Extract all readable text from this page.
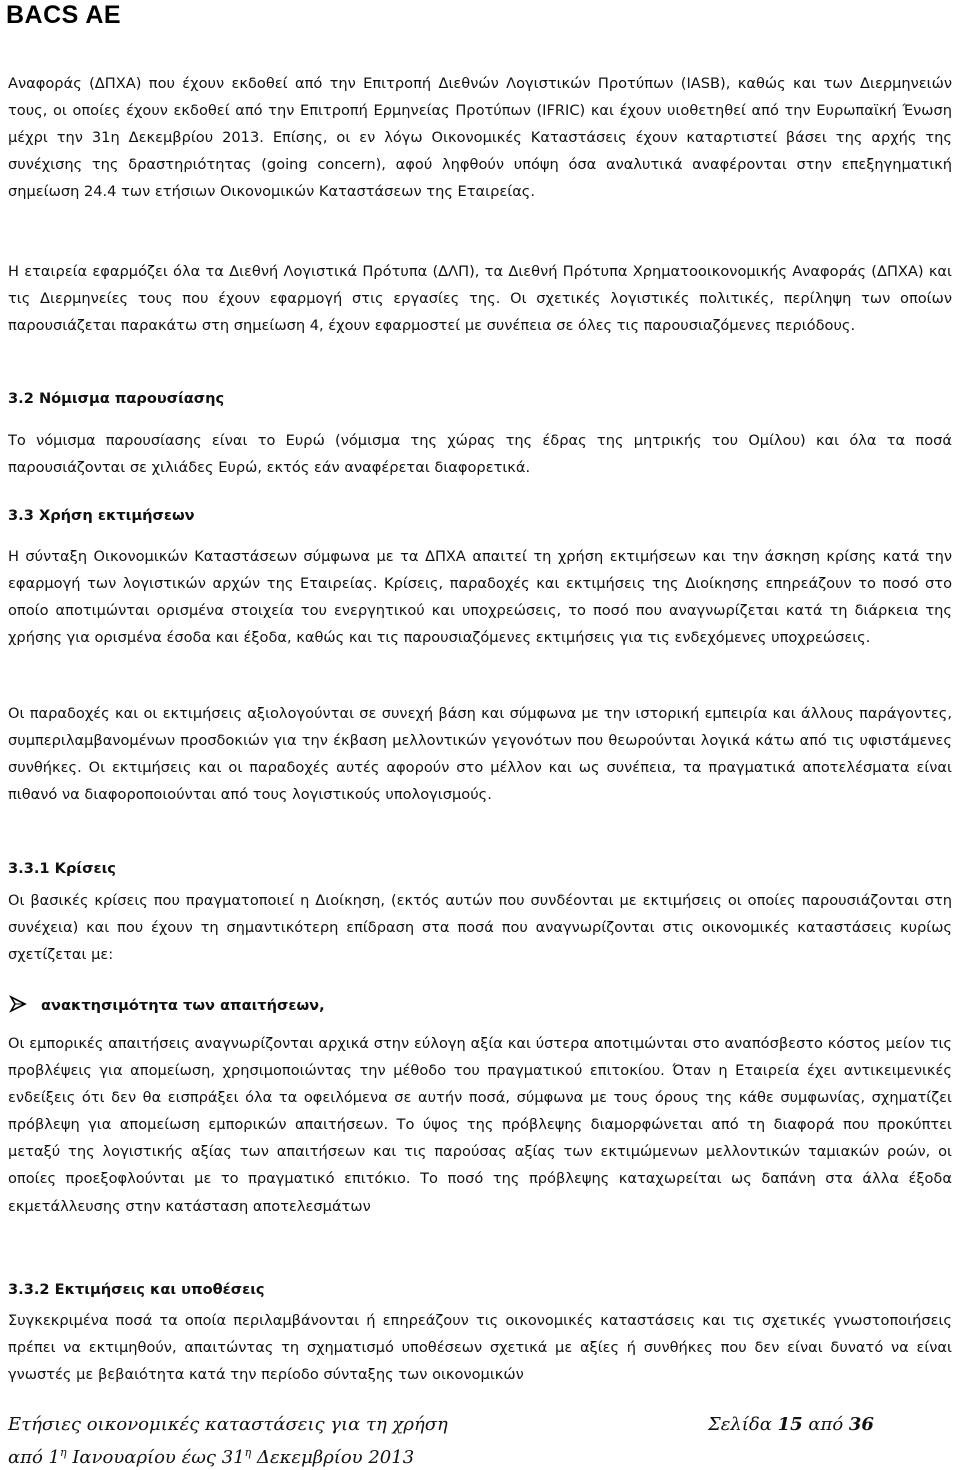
BACS AE

Αναφοράς (ΔΠΧΑ) που έχουν εκδοθεί από την Επιτροπή Διεθνών Λογιστικών Προτύπων (IASB), καθώς και των Διερμηνειών τους, οι οποίες έχουν εκδοθεί από την Επιτροπή Ερμηνείας Προτύπων (IFRIC) και έχουν υιοθετηθεί από την Ευρωπαϊκή Ένωση μέχρι την 31η Δεκεμβρίου 2013. Επίσης, οι εν λόγω Οικονομικές Καταστάσεις έχουν καταρτιστεί βάσει της αρχής της συνέχισης της δραστηριότητας (going concern), αφού ληφθούν υπόψη όσα αναλυτικά αναφέρονται στην επεξηγηματική σημείωση 24.4 των ετήσιων Οικονομικών Καταστάσεων της Εταιρείας.

Η εταιρεία εφαρμόζει όλα τα Διεθνή Λογιστικά Πρότυπα (ΔΛΠ), τα Διεθνή Πρότυπα Χρηματοοικονομικής Αναφοράς (ΔΠΧΑ) και τις Διερμηνείες τους που έχουν εφαρμογή στις εργασίες της. Οι σχετικές λογιστικές πολιτικές, περίληψη των οποίων παρουσιάζεται παρακάτω στη σημείωση 4, έχουν εφαρμοστεί με συνέπεια σε όλες τις παρουσιαζόμενες περιόδους.

3.2 Νόμισμα παρουσίασης

Το νόμισμα παρουσίασης είναι το Ευρώ (νόμισμα της χώρας της έδρας της μητρικής του Ομίλου) και όλα τα ποσά παρουσιάζονται σε χιλιάδες Ευρώ, εκτός εάν αναφέρεται διαφορετικά.

3.3 Χρήση εκτιμήσεων

Η σύνταξη Οικονομικών Καταστάσεων σύμφωνα με τα ΔΠΧΑ απαιτεί τη χρήση εκτιμήσεων και την άσκηση κρίσης κατά την εφαρμογή των λογιστικών αρχών της Εταιρείας. Κρίσεις, παραδοχές και εκτιμήσεις της Διοίκησης επηρεάζουν το ποσό στο οποίο αποτιμώνται ορισμένα στοιχεία του ενεργητικού και υποχρεώσεις, το ποσό που αναγνωρίζεται κατά τη διάρκεια της χρήσης για ορισμένα έσοδα και έξοδα, καθώς και τις παρουσιαζόμενες εκτιμήσεις για τις ενδεχόμενες υποχρεώσεις.

Οι παραδοχές και οι εκτιμήσεις αξιολογούνται σε συνεχή βάση και σύμφωνα με την ιστορική εμπειρία και άλλους παράγοντες, συμπεριλαμβανομένων προσδοκιών για την έκβαση μελλοντικών γεγονότων που θεωρούνται λογικά κάτω από τις υφιστάμενες συνθήκες. Οι εκτιμήσεις και οι παραδοχές αυτές αφορούν στο μέλλον και ως συνέπεια, τα πραγματικά αποτελέσματα είναι πιθανό να διαφοροποιούνται από τους λογιστικούς υπολογισμούς.

3.3.1 Κρίσεις

Οι βασικές κρίσεις που πραγματοποιεί η Διοίκηση, (εκτός αυτών που συνδέονται με εκτιμήσεις οι οποίες παρουσιάζονται στη συνέχεια) και που έχουν τη σημαντικότερη επίδραση στα ποσά που αναγνωρίζονται στις οικονομικές καταστάσεις κυρίως σχετίζεται με:

ανακτησιμότητα των απαιτήσεων,

Οι εμπορικές απαιτήσεις αναγνωρίζονται αρχικά στην εύλογη αξία και ύστερα αποτιμώνται στο αναπόσβεστο κόστος μείον τις προβλέψεις για απομείωση, χρησιμοποιώντας την μέθοδο του πραγματικού επιτοκίου. Όταν η Εταιρεία έχει αντικειμενικές ενδείξεις ότι δεν θα εισπράξει όλα τα οφειλόμενα σε αυτήν ποσά, σύμφωνα με τους όρους της κάθε συμφωνίας, σχηματίζει πρόβλεψη για απομείωση εμπορικών απαιτήσεων. Το ύψος της πρόβλεψης διαμορφώνεται από τη διαφορά που προκύπτει μεταξύ της λογιστικής αξίας των απαιτήσεων και τις παρούσας αξίας των εκτιμώμενων μελλοντικών ταμιακών ροών, οι οποίες προεξοφλούνται με το πραγματικό επιτόκιο. Το ποσό της πρόβλεψης καταχωρείται ως δαπάνη στα άλλα έξοδα εκμετάλλευσης στην κατάσταση αποτελεσμάτων

3.3.2 Εκτιμήσεις και υποθέσεις

Συγκεκριμένα ποσά τα οποία περιλαμβάνονται ή επηρεάζουν τις οικονομικές καταστάσεις και τις σχετικές γνωστοποιήσεις πρέπει να εκτιμηθούν, απαιτώντας τη σχηματισμό υποθέσεων σχετικά με αξίες ή συνθήκες που δεν είναι δυνατό να είναι γνωστές με βεβαιότητα κατά την περίοδο σύνταξης των οικονομικών

Ετήσιες οικονομικές καταστάσεις για τη χρήση	Σελίδα 15 από 36
από $1^\eta$ Ιανουαρίου έως $31^\eta$ Δεκεμβρίου 2013
